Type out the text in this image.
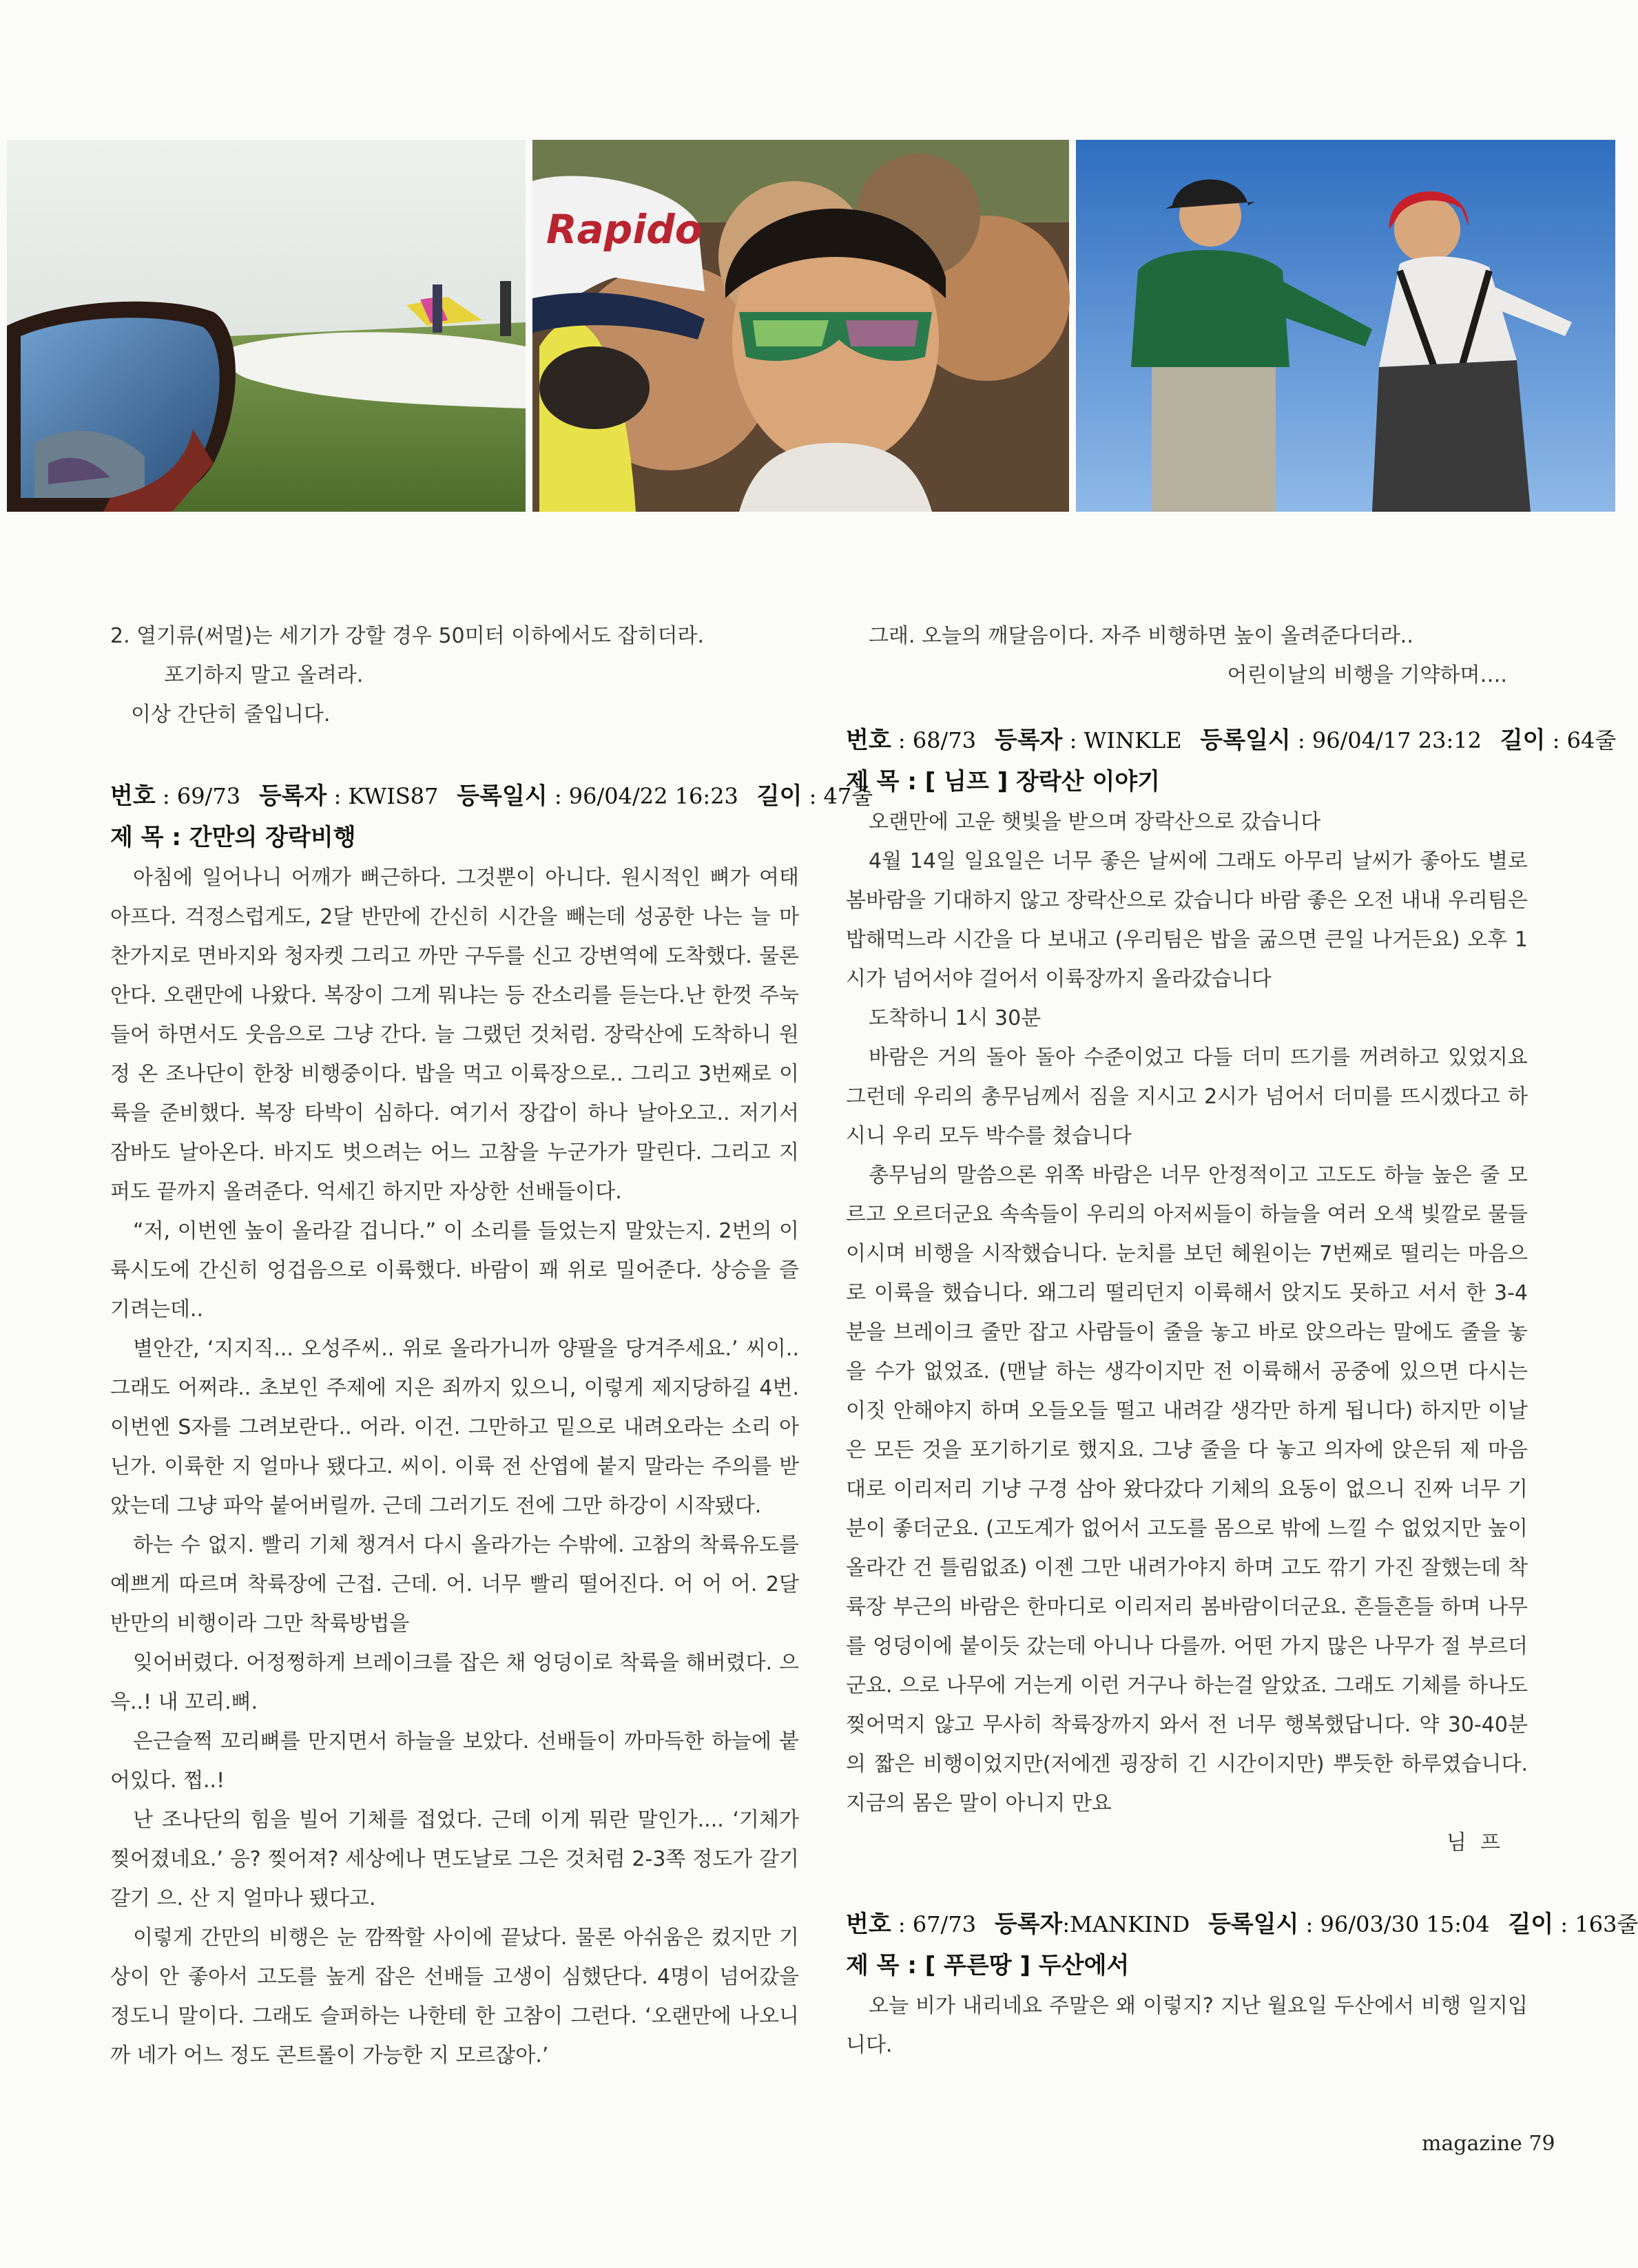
Rapido

2. 열기류(써멀)는 세기가 강할 경우 50미터 이하에서도 잡히더라.

포기하지 말고 올려라.

이상 간단히 줄입니다.

번호 : 69/73 등록자 : KWIS87 등록일시 : 96/04/22 16:23 길이 : 47줄
제 목 : 간만의 장락비행

아침에 일어나니 어깨가 뻐근하다. 그것뿐이 아니다. 원시적인 뼈가 여태 아프다. 걱정스럽게도, 2달 반만에 간신히 시간을 빼는데 성공한 나는 늘 마찬가지로 면바지와 청자켓 그리고 까만 구두를 신고 강변역에 도착했다. 물론 안다. 오랜만에 나왔다. 복장이 그게 뭐냐는 등 잔소리를 듣는다.난 한껏 주눅들어 하면서도 웃음으로 그냥 간다. 늘 그랬던 것처럼. 장락산에 도착하니 원정 온 조나단이 한창 비행중이다. 밥을 먹고 이륙장으로.. 그리고 3번째로 이륙을 준비했다. 복장 타박이 심하다. 여기서 장갑이 하나 날아오고.. 저기서 잠바도 날아온다. 바지도 벗으려는 어느 고참을 누군가가 말린다. 그리고 지퍼도 끝까지 올려준다. 억세긴 하지만 자상한 선배들이다.

“저, 이번엔 높이 올라갈 겁니다.” 이 소리를 들었는지 말았는지. 2번의 이륙시도에 간신히 엉겁음으로 이륙했다. 바람이 꽤 위로 밀어준다. 상승을 즐기려는데..

별안간, ‘지지직... 오성주씨.. 위로 올라가니까 양팔을 당겨주세요.’ 씨이.. 그래도 어쩌랴.. 초보인 주제에 지은 죄까지 있으니, 이렇게 제지당하길 4번. 이번엔 S자를 그려보란다.. 어라. 이건. 그만하고 밑으로 내려오라는 소리 아닌가. 이륙한 지 얼마나 됐다고. 씨이. 이륙 전 산엽에 붙지 말라는 주의를 받았는데 그냥 파악 붙어버릴까. 근데 그러기도 전에 그만 하강이 시작됐다.

하는 수 없지. 빨리 기체 챙겨서 다시 올라가는 수밖에. 고참의 착륙유도를 예쁘게 따르며 착륙장에 근접. 근데. 어. 너무 빨리 떨어진다. 어 어 어. 2달 반만의 비행이라 그만 착륙방법을

잊어버렸다. 어정쩡하게 브레이크를 잡은 채 엉덩이로 착륙을 해버렸다. 으윽..! 내 꼬리.뼈.

은근슬쩍 꼬리뼈를 만지면서 하늘을 보았다. 선배들이 까마득한 하늘에 붙어있다. 쩝..!

난 조나단의 힘을 빌어 기체를 접었다. 근데 이게 뭐란 말인가.... ‘기체가 찢어졌네요.’ 응? 찢어져? 세상에나 면도날로 그은 것처럼 2-3쪽 정도가 갈기갈기 으. 산 지 얼마나 됐다고.

이렇게 간만의 비행은 눈 깜짝할 사이에 끝났다. 물론 아쉬움은 컸지만 기상이 안 좋아서 고도를 높게 잡은 선배들 고생이 심했단다. 4명이 넘어갔을 정도니 말이다. 그래도 슬퍼하는 나한테 한 고참이 그런다. ‘오랜만에 나오니까 네가 어느 정도 콘트롤이 가능한 지 모르잖아.’

그래. 오늘의 깨달음이다. 자주 비행하면 높이 올려준다더라..

어린이날의 비행을 기약하며….

번호 : 68/73 등록자 : WINKLE 등록일시 : 96/04/17 23:12 길이 : 64줄
제 목 : [ 님프 ] 장락산 이야기

오랜만에 고운 햇빛을 받으며 장락산으로 갔습니다

4월 14일 일요일은 너무 좋은 날씨에 그래도 아무리 날씨가 좋아도 별로 봄바람을 기대하지 않고 장락산으로 갔습니다 바람 좋은 오전 내내 우리팀은 밥해먹느라 시간을 다 보내고 (우리팀은 밥을 굶으면 큰일 나거든요) 오후 1시가 넘어서야 걸어서 이륙장까지 올라갔습니다

도착하니 1시 30분

바람은 거의 돌아 돌아 수준이었고 다들 더미 뜨기를 꺼려하고 있었지요 그런데 우리의 총무님께서 짐을 지시고 2시가 넘어서 더미를 뜨시겠다고 하시니 우리 모두 박수를 쳤습니다

총무님의 말씀으론 위쪽 바람은 너무 안정적이고 고도도 하늘 높은 줄 모르고 오르더군요 속속들이 우리의 아저씨들이 하늘을 여러 오색 빛깔로 물들이시며 비행을 시작했습니다. 눈치를 보던 혜원이는 7번째로 떨리는 마음으로 이륙을 했습니다. 왜그리 떨리던지 이륙해서 앉지도 못하고 서서 한 3-4 분을 브레이크 줄만 잡고 사람들이 줄을 놓고 바로 앉으라는 말에도 줄을 놓을 수가 없었죠. (맨날 하는 생각이지만 전 이륙해서 공중에 있으면 다시는 이짓 안해야지 하며 오들오들 떨고 내려갈 생각만 하게 됩니다) 하지만 이날은 모든 것을 포기하기로 했지요. 그냥 줄을 다 놓고 의자에 앉은뒤 제 마음대로 이리저리 기냥 구경 삼아 왔다갔다 기체의 요동이 없으니 진짜 너무 기분이 좋더군요. (고도계가 없어서 고도를 몸으로 밖에 느낄 수 없었지만 높이 올라간 건 틀림없죠) 이젠 그만 내려가야지 하며 고도 깎기 가진 잘했는데 착륙장 부근의 바람은 한마디로 이리저리 봄바람이더군요. 흔들흔들 하며 나무를 엉덩이에 붙이듯 갔는데 아니나 다를까. 어떤 가지 많은 나무가 절 부르더군요. 으로 나무에 거는게 이런 거구나 하는걸 알았죠. 그래도 기체를 하나도 찢어먹지 않고 무사히 착륙장까지 와서 전 너무 행복했답니다. 약 30-40분의 짧은 비행이었지만(저에겐 굉장히 긴 시간이지만) 뿌듯한 하루였습니다. 지금의 몸은 말이 아니지 만요

님프

번호 : 67/73 등록자:MANKIND 등록일시 : 96/03/30 15:04 길이 : 163줄
제 목 : [ 푸른땅 ] 두산에서

오늘 비가 내리네요 주말은 왜 이렇지? 지난 월요일 두산에서 비행 일지입니다.

magazine 79
